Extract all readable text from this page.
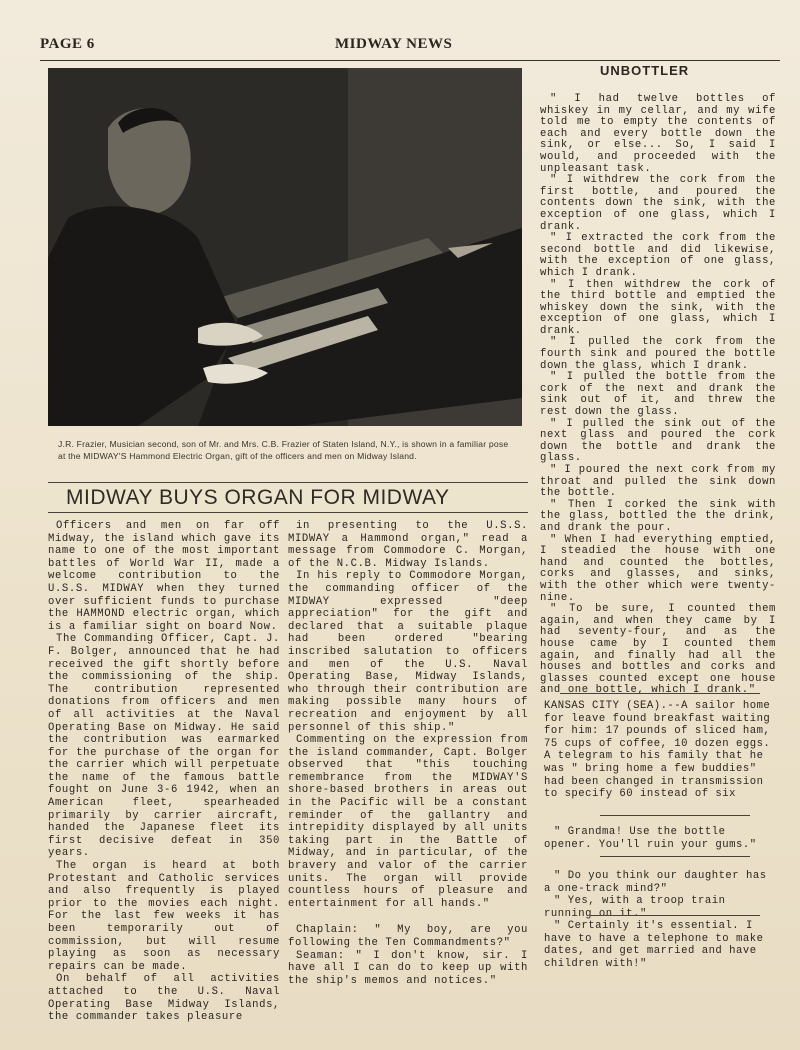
PAGE 6	MIDWAY NEWS
J.R. Frazier, Musician second, son of Mr. and Mrs. C.B. Frazier of Staten Island, N.Y., is shown in a familiar pose at the MIDWAY'S Hammond Electric Organ, gift of the officers and men on Midway Island.
MIDWAY BUYS ORGAN FOR MIDWAY

Officers and men on far off Midway, the island which gave its name to one of the most important battles of World War II, made a welcome contribution to the U.S.S. MIDWAY when they turned over sufficient funds to purchase the HAMMOND electric organ, which is a familiar sight on board Now.

The Commanding Officer, Capt. J. F. Bolger, announced that he had received the gift shortly before the commissioning of the ship. The contribution represented donations from officers and men of all activities at the Naval Operating Base on Midway. He said the contribution was earmarked for the purchase of the organ for the carrier which will perpetuate the name of the famous battle fought on June 3-6 1942, when an American fleet, spearheaded primarily by carrier aircraft, handed the Japanese fleet its first decisive defeat in 350 years.

The organ is heard at both Protestant and Catholic services and also frequently is played prior to the movies each night. For the last few weeks it has been temporarily out of commission, but will resume playing as soon as necessary repairs can be made.

On behalf of all activities attached to the U.S. Naval Operating Base Midway Islands, the commander takes pleasure

in presenting to the U.S.S. MIDWAY a Hammond organ," read a message from Commodore C. Morgan, of the N.C.B. Midway Islands.

In his reply to Commodore Morgan, the commanding officer of the MIDWAY expressed "deep appreciation" for the gift and declared that a suitable plaque had been ordered "bearing inscribed salutation to officers and men of the U.S. Naval Operating Base, Midway Islands, who through their contribution are making possible many hours of recreation and enjoyment by all personnel of this ship."

Commenting on the expression from the island commander, Capt. Bolger observed that "this touching remembrance from the MIDWAY'S shore-based brothers in areas out in the Pacific will be a constant reminder of the gallantry and intrepidity displayed by all units taking part in the Battle of Midway, and in particular, of the bravery and valor of the carrier units. The organ will provide countless hours of pleasure and entertainment for all hands."

Chaplain: " My boy, are you following the Ten Commandments?"

Seaman: " I don't know, sir. I have all I can do to keep up with the ship's memos and notices."

UNBOTTLER

" I had twelve bottles of whiskey in my cellar, and my wife told me to empty the contents of each and every bottle down the sink, or else... So, I said I would, and proceeded with the unpleasant task.

" I withdrew the cork from the first bottle, and poured the contents down the sink, with the exception of one glass, which I drank.

" I extracted the cork from the second bottle and did likewise, with the exception of one glass, which I drank.

" I then withdrew the cork of the third bottle and emptied the whiskey down the sink, with the exception of one glass, which I drank.

" I pulled the cork from the fourth sink and poured the bottle down the glass, which I drank.

" I pulled the bottle from the cork of the next and drank the sink out of it, and threw the rest down the glass.

" I pulled the sink out of the next glass and poured the cork down the bottle and drank the glass.

" I poured the next cork from my throat and pulled the sink down the bottle.

" Then I corked the sink with the glass, bottled the the drink, and drank the pour.

" When I had everything emptied, I steadied the house with one hand and counted the bottles, corks and glasses, and sinks, with the other which were twenty-nine.

" To be sure, I counted them again, and when they came by I had seventy-four, and as the house came by I counted them again, and finally had all the houses and bottles and corks and glasses counted except one house and one bottle, which I drank."

KANSAS CITY (SEA).--A sailor home for leave found breakfast waiting for him: 17 pounds of sliced ham, 75 cups of coffee, 10 dozen eggs. A telegram to his family that he was " bring home a few buddies" had been changed in transmission to specify 60 instead of six

" Grandma! Use the bottle opener. You'll ruin your gums."

" Do you think our daughter has a one-track mind?"

" Yes, with a troop train running on it."

" Certainly it's essential. I have to have a telephone to make dates, and get married and have children with!"
